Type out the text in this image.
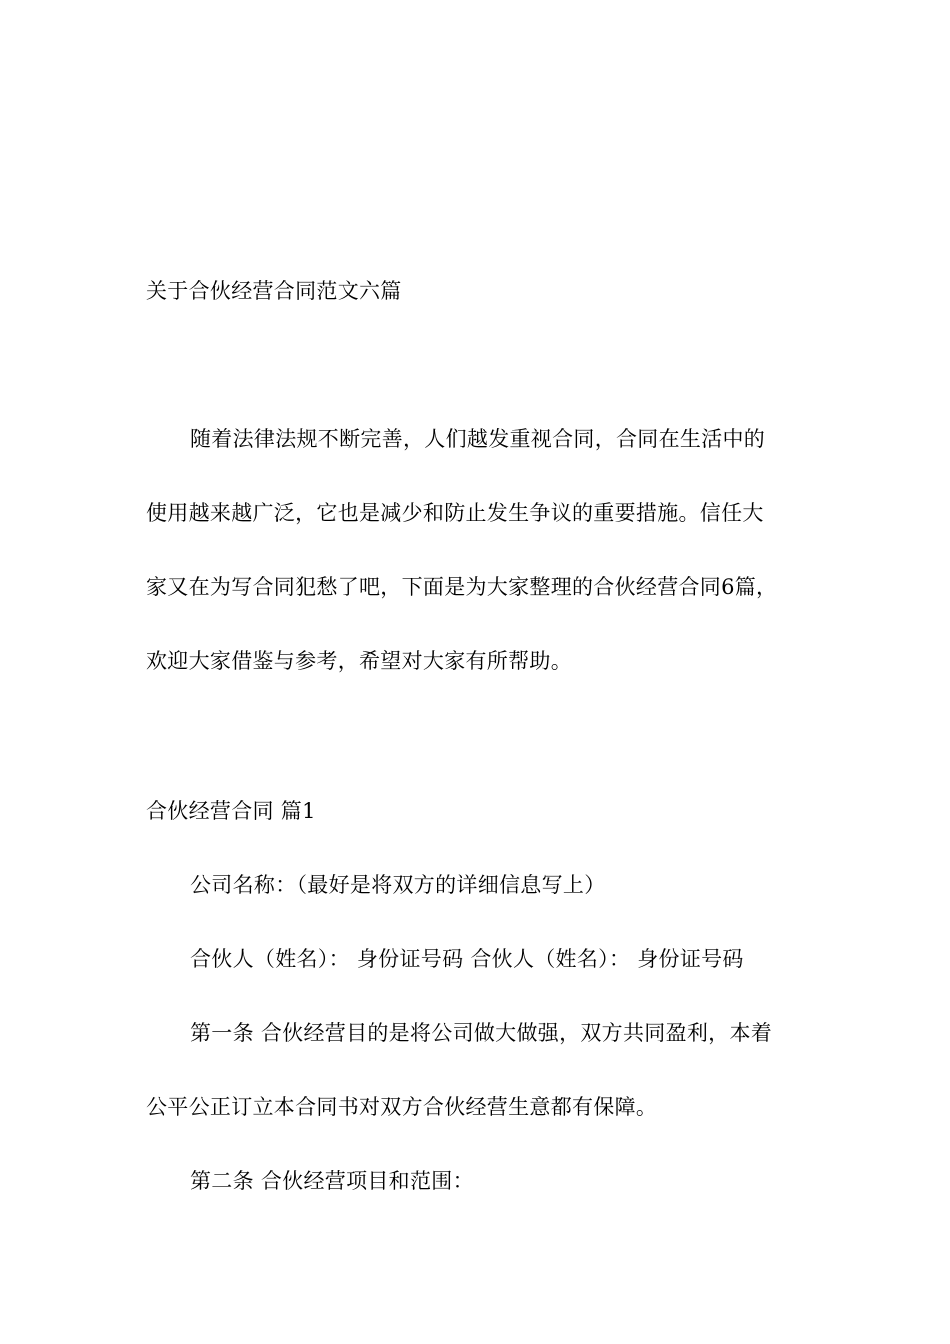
关于合伙经营合同范文六篇
随着法律法规不断完善，人们越发重视合同，合同在生活中的
使用越来越广泛，它也是减少和防止发生争议的重要措施。信任大
家又在为写合同犯愁了吧，下面是为大家整理的合伙经营合同6篇，
欢迎大家借鉴与参考，希望对大家有所帮助。
合伙经营合同 篇1
公司名称：（最好是将双方的详细信息写上）
合伙人（姓名）： 身份证号码 合伙人（姓名）： 身份证号码
第一条 合伙经营目的是将公司做大做强，双方共同盈利，本着
公平公正订立本合同书对双方合伙经营生意都有保障。
第二条 合伙经营项目和范围：
